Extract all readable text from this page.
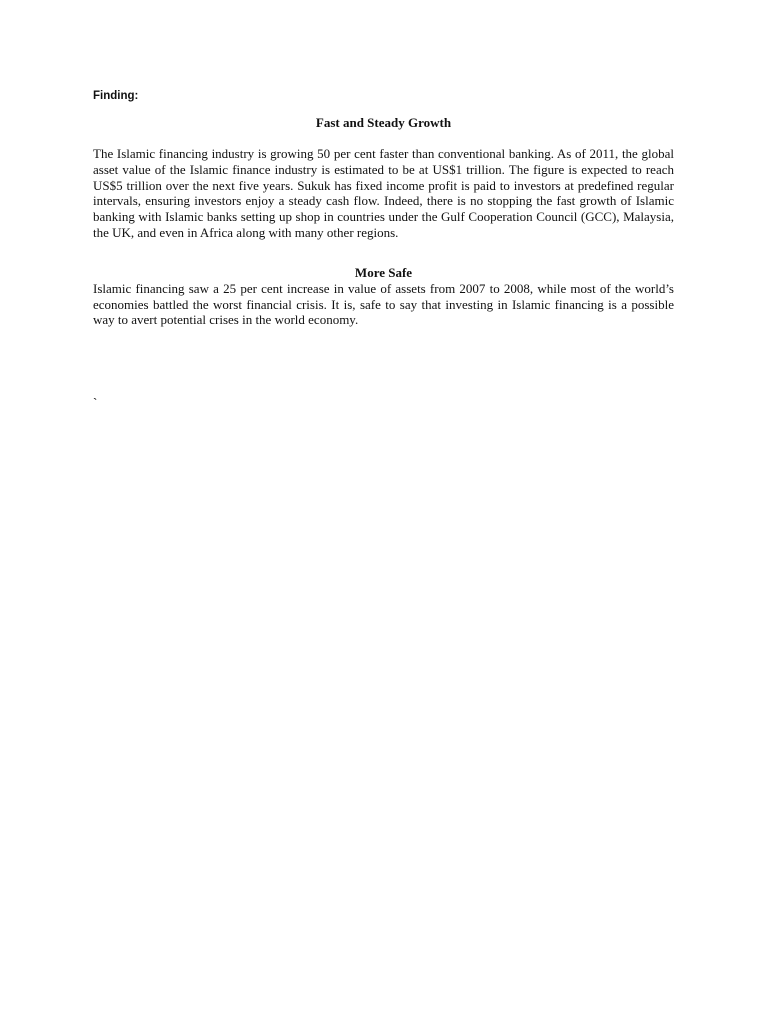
Finding:
Fast and Steady Growth

The Islamic financing industry is growing 50 per cent faster than conventional banking. As of 2011, the global asset value of the Islamic finance industry is estimated to be at US$1 trillion. The figure is expected to reach US$5 trillion over the next five years. Sukuk has fixed income profit is paid to investors at predefined regular intervals, ensuring investors enjoy a steady cash flow. Indeed, there is no stopping the fast growth of Islamic banking with Islamic banks setting up shop in countries under the Gulf Cooperation Council (GCC), Malaysia, the UK, and even in Africa along with many other regions.

More Safe

Islamic financing saw a 25 per cent increase in value of assets from 2007 to 2008, while most of the world’s economies battled the worst financial crisis. It is, safe to say that investing in Islamic financing is a possible way to avert potential crises in the world economy.

`
